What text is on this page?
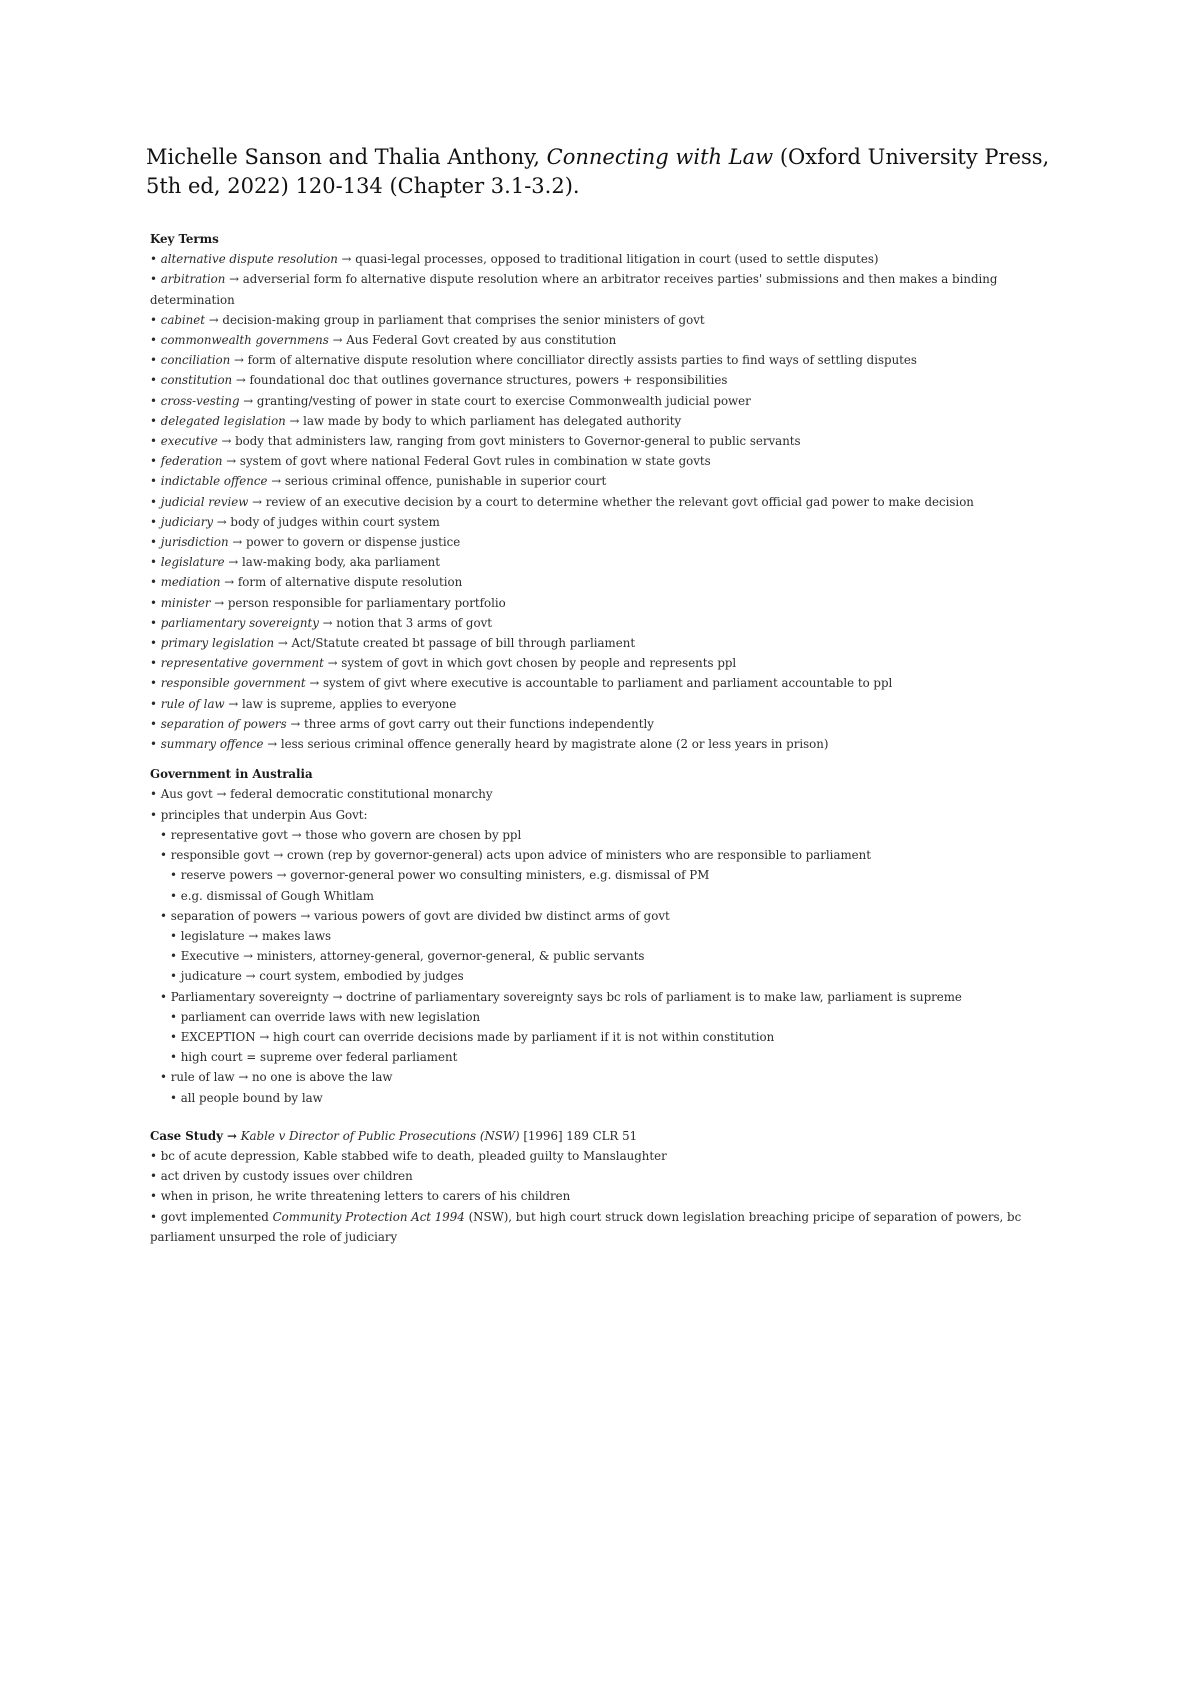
Michelle Sanson and Thalia Anthony, Connecting with Law (Oxford University Press, 5th ed, 2022) 120-134 (Chapter 3.1-3.2).
Key Terms
• alternative dispute resolution → quasi-legal processes, opposed to traditional litigation in court (used to settle disputes)
• arbitration → adverserial form fo alternative dispute resolution where an arbitrator receives parties' submissions and then makes a binding determination
• cabinet → decision-making group in parliament that comprises the senior ministers of govt
• commonwealth governmens → Aus Federal Govt created by aus constitution
• conciliation → form of alternative dispute resolution where concilliator directly assists parties to find ways of settling disputes
• constitution → foundational doc that outlines governance structures, powers + responsibilities
• cross-vesting → granting/vesting of power in state court to exercise Commonwealth judicial power
• delegated legislation → law made by body to which parliament has delegated authority
• executive → body that administers law, ranging from govt ministers to Governor-general to public servants
• federation → system of govt where national Federal Govt rules in combination w state govts
• indictable offence → serious criminal offence, punishable in superior court
• judicial review → review of an executive decision by a court to determine whether the relevant govt official gad power to make decision
• judiciary → body of judges within court system
• jurisdiction → power to govern or dispense justice
• legislature → law-making body, aka parliament
• mediation → form of alternative dispute resolution
• minister → person responsible for parliamentary portfolio
• parliamentary sovereignty → notion that 3 arms of govt
• primary legislation → Act/Statute created bt passage of bill through parliament
• representative government → system of govt in which govt chosen by people and represents ppl
• responsible government → system of givt where executive is accountable to parliament and parliament accountable to ppl
• rule of law → law is supreme, applies to everyone
• separation of powers → three arms of govt carry out their functions independently
• summary offence → less serious criminal offence generally heard by magistrate alone (2 or less years in prison)
Government in Australia
• Aus govt → federal democratic constitutional monarchy
• principles that underpin Aus Govt:
• representative govt → those who govern are chosen by ppl
• responsible govt → crown (rep by governor-general) acts upon advice of ministers who are responsible to parliament
• reserve powers → governor-general power wo consulting ministers, e.g. dismissal of PM
• e.g. dismissal of Gough Whitlam
• separation of powers → various powers of govt are divided bw distinct arms of govt
• legislature → makes laws
• Executive → ministers, attorney-general, governor-general, & public servants
• judicature → court system, embodied by judges
• Parliamentary sovereignty → doctrine of parliamentary sovereignty says bc rols of parliament is to make law, parliament is supreme
• parliament can override laws with new legislation
• EXCEPTION → high court can override decisions made by parliament if it is not within constitution
• high court = supreme over federal parliament
• rule of law → no one is above the law
• all people bound by law
Case Study → Kable v Director of Public Prosecutions (NSW) [1996] 189 CLR 51
• bc of acute depression, Kable stabbed wife to death, pleaded guilty to Manslaughter
• act driven by custody issues over children
• when in prison, he write threatening letters to carers of his children
• govt implemented Community Protection Act 1994 (NSW), but high court struck down legislation breaching pricipe of separation of powers, bc parliament unsurped the role of judiciary
